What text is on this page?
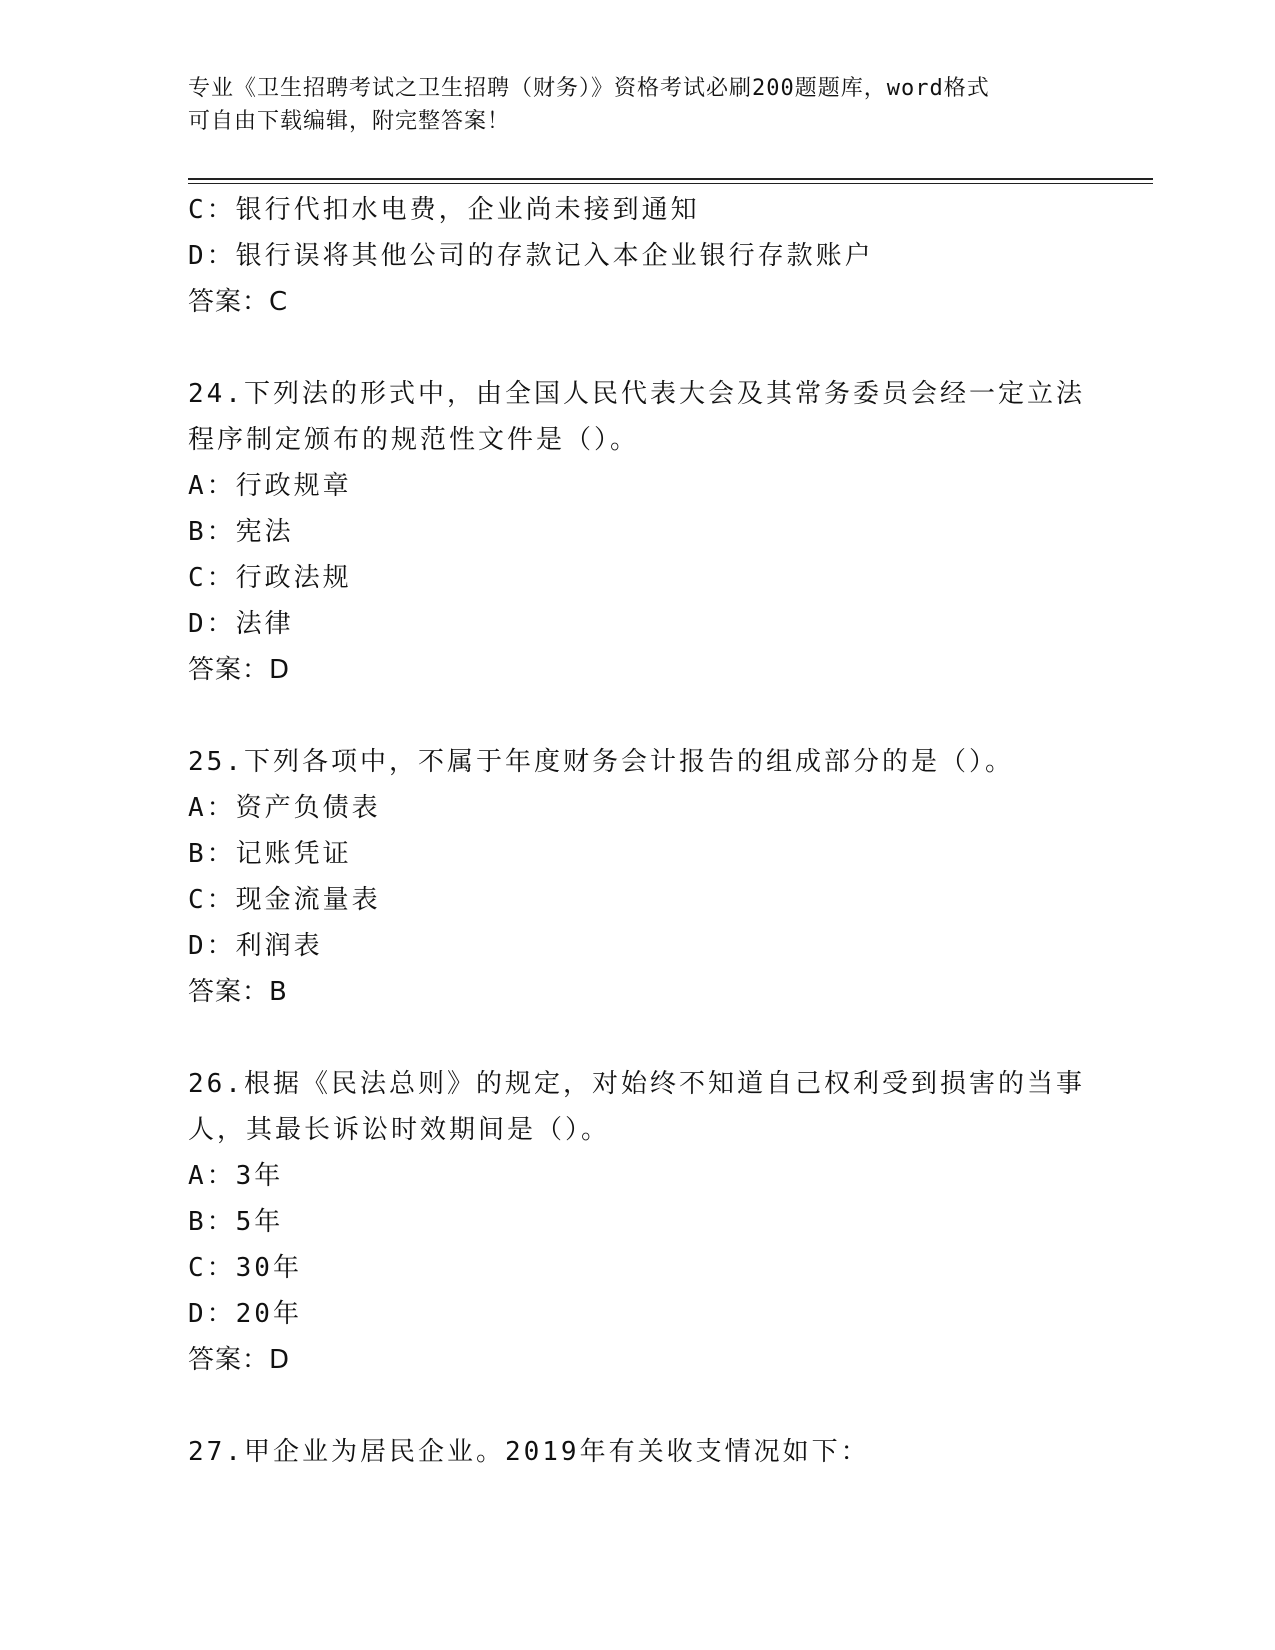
专业《卫生招聘考试之卫生招聘（财务）》资格考试必刷200题题库，word格式
可自由下载编辑，附完整答案！
C：银行代扣水电费，企业尚未接到通知
D：银行误将其他公司的存款记入本企业银行存款账户
答案：C
24.下列法的形式中，由全国人民代表大会及其常务委员会经一定立法
程序制定颁布的规范性文件是（）。
A：行政规章
B：宪法
C：行政法规
D：法律
答案：D
25.下列各项中，不属于年度财务会计报告的组成部分的是（）。
A：资产负债表
B：记账凭证
C：现金流量表
D：利润表
答案：B
26.根据《民法总则》的规定，对始终不知道自己权利受到损害的当事
人，其最长诉讼时效期间是（）。
A：3年
B：5年
C：30年
D：20年
答案：D
27.甲企业为居民企业。2019年有关收支情况如下：
